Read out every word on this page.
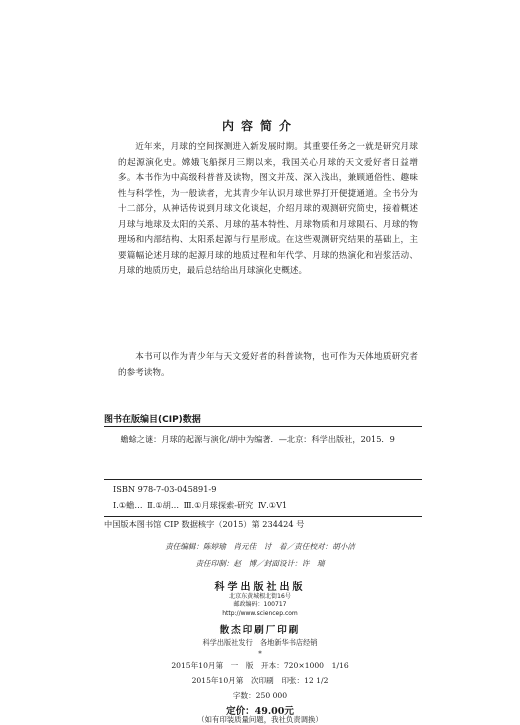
内容简介

近年来，月球的空间探测进入新发展时期。其重要任务之一就是研究月球的起源演化史。嫦娥飞船探月三期以来，我国关心月球的天文爱好者日益增多。本书作为中高级科普普及读物，图文并茂、深入浅出，兼顾通俗性、趣味性与科学性，为一般读者，尤其青少年认识月球世界打开便捷通道。全书分为十二部分，从神话传说到月球文化谈起，介绍月球的观测研究简史，接着概述月球与地球及太阳的关系、月球的基本特性、月球物质和月球陨石、月球的物理场和内部结构、太阳系起源与行星形成。在这些观测研究结果的基础上，主要篇幅论述月球的起源月球的地质过程和年代学、月球的热演化和岩浆活动、月球的地质历史，最后总结给出月球演化史概述。

本书可以作为青少年与天文爱好者的科普读物，也可作为天体地质研究者的参考读物。

图书在版编目(CIP)数据

蟾蜍之谜：月球的起源与演化/胡中为编著．—北京：科学出版社，2015．9

ISBN 978-7-03-045891-9
Ⅰ.①蟾… Ⅱ.①胡… Ⅲ.①月球探索-研究 Ⅳ.①V1
中国版本图书馆 CIP 数据核字（2015）第 234424 号
责任编辑：陈婷瑜　肖元佳　讨　着／责任校对：胡小洁
责任印制：赵　博／封面设计：许　瑞
科学出版社出版
北京东黄城根北街16号
邮政编码：100717
http://www.sciencep.com
散杰印刷厂印刷
科学出版社发行　各地新华书店经销
*
2015年10月第　一　版　开本：720×1000　1/16
2015年10月第　次印刷　印张：12 1/2
字数：250 000
定价：49.00元
（如有印装质量问题，我社负责调换）
